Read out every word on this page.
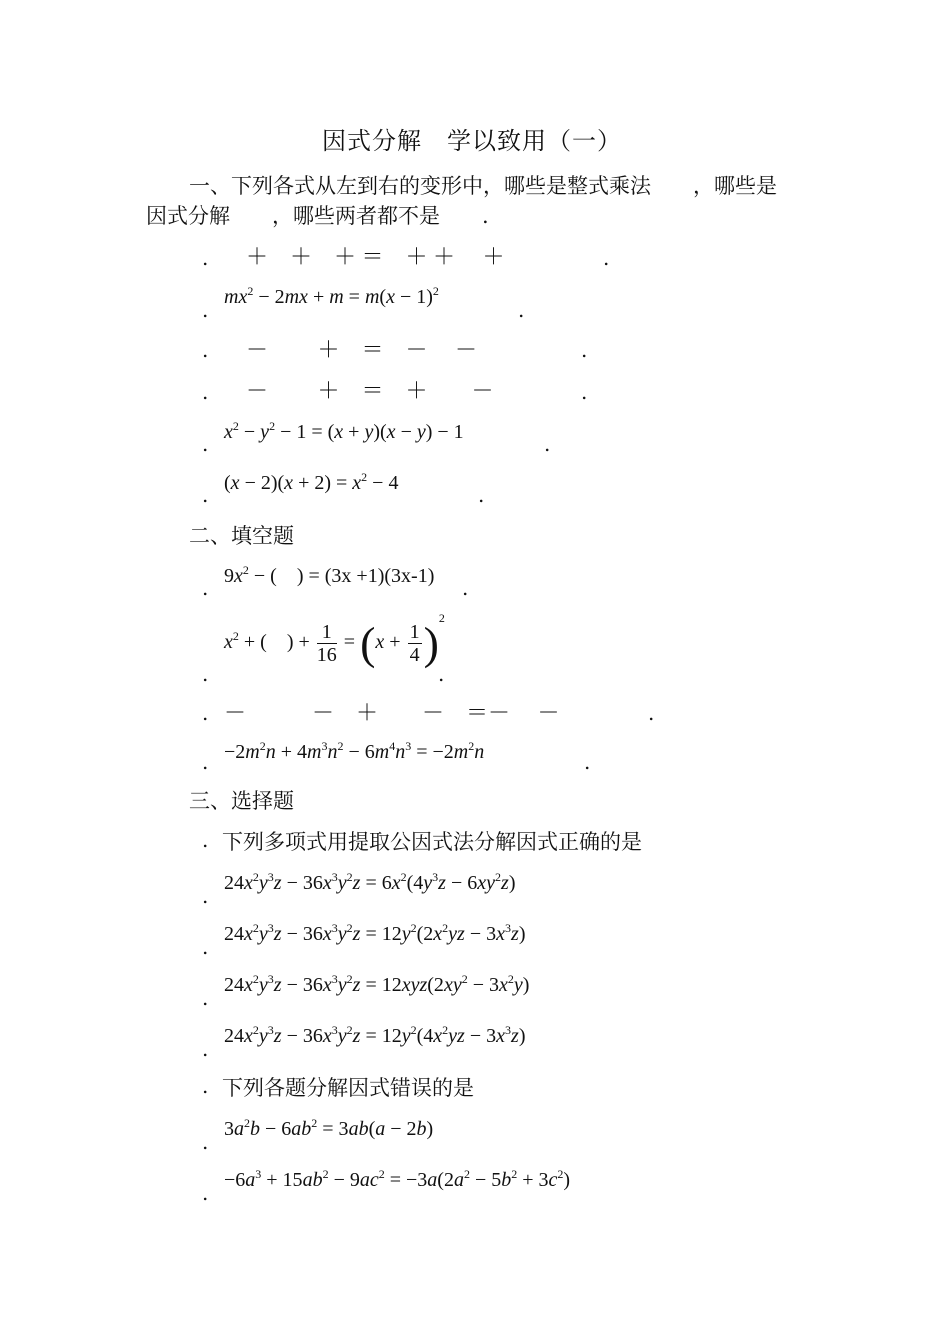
因式分解　学以致用（一）
一、下列各式从左到右的变形中，哪些是整式乘法　　，哪些是
因式分解　　，哪些两者都不是　　.
. ＋　＋　＋ ＝　＋ ＋　 ＋	.
.
$mx^2 - 2mx + m = m(x - 1)^2$
.
. －　　 ＋　＝　－　 －	.
. －　　 ＋　＝　＋　　－	.
. $x^2 - y^2 - 1 = (x + y)(x - y) - 1$	.
. $(x - 2)(x + 2) = x^2 - 4$	.
二、填空题
. $9x^2$ − (    ) = (3x +1)(3x-1) .
.
$x^2$ + (    ) + $\frac{1}{16} = (x + \frac{1}{4} )^2$
.
. －　　　－　＋　　－　＝－　 －	.
. $-2m^2n + 4m^3n^2 - 6m^4n^3 = -2m^2n$	.
三、选择题
. 下列多项式用提取公因式法分解因式正确的是
.
$24x^2y^3z - 36x^3y^2z = 6x^2(4y^3z - 6xy^2z)$
.
$24x^2y^3z - 36x^3y^2z = 12y^2(2x^2yz - 3x^3z)$
.
$24x^2y^3z - 36x^3y^2z = 12xyz(2xy^2 - 3x^2y)$
.
$24x^2y^3z - 36x^3y^2z = 12y^2(4x^2yz - 3x^3z)$
. 下列各题分解因式错误的是
.
$3a^2b - 6ab^2 = 3ab(a - 2b)$
.
$-6a^3 + 15ab^2 - 9ac^2 = -3a(2a^2 - 5b^2 + 3c^2)$
